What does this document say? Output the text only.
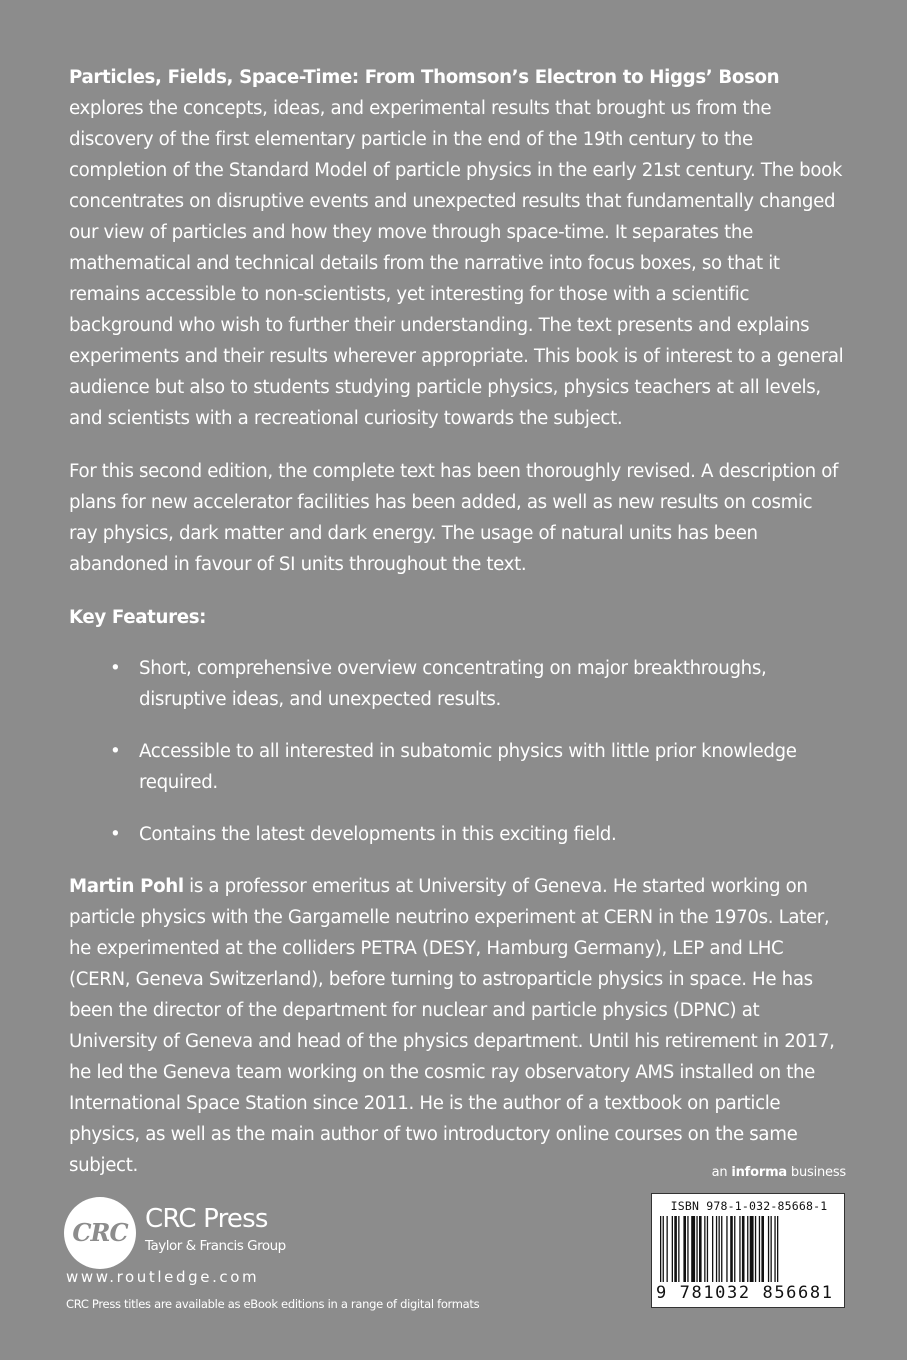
Particles, Fields, Space-Time: From Thomson’s Electron to Higgs’ Boson explores the concepts, ideas, and experimental results that brought us from the discovery of the first elementary particle in the end of the 19th century to the completion of the Standard Model of particle physics in the early 21st century. The book concentrates on disruptive events and unexpected results that fundamentally changed our view of particles and how they move through space-time. It separates the mathematical and technical details from the narrative into focus boxes, so that it remains accessible to non-scientists, yet interesting for those with a scientific background who wish to further their understanding. The text presents and explains experiments and their results wherever appropriate. This book is of interest to a general audience but also to students studying particle physics, physics teachers at all levels, and scientists with a recreational curiosity towards the subject.

For this second edition, the complete text has been thoroughly revised. A description of plans for new accelerator facilities has been added, as well as new results on cosmic ray physics, dark matter and dark energy. The usage of natural units has been abandoned in favour of SI units throughout the text.

Key Features:

• Short, comprehensive overview concentrating on major breakthroughs, disruptive ideas, and unexpected results.
• Accessible to all interested in subatomic physics with little prior knowledge required.
• Contains the latest developments in this exciting field.

Martin Pohl is a professor emeritus at University of Geneva. He started working on particle physics with the Gargamelle neutrino experiment at CERN in the 1970s. Later, he experimented at the colliders PETRA (DESY, Hamburg Germany), LEP and LHC (CERN, Geneva Switzerland), before turning to astroparticle physics in space. He has been the director of the department for nuclear and particle physics (DPNC) at University of Geneva and head of the physics department. Until his retirement in 2017, he led the Geneva team working on the cosmic ray observatory AMS installed on the International Space Station since 2011. He is the author of a textbook on particle physics, as well as the main author of two introductory online courses on the same subject.	an informa business
ISBN 978-1-032-85668-1
9 781032 856681
CRC CRC Press
Taylor & Francis Group
www.routledge.com
CRC Press titles are available as eBook editions in a range of digital formats
